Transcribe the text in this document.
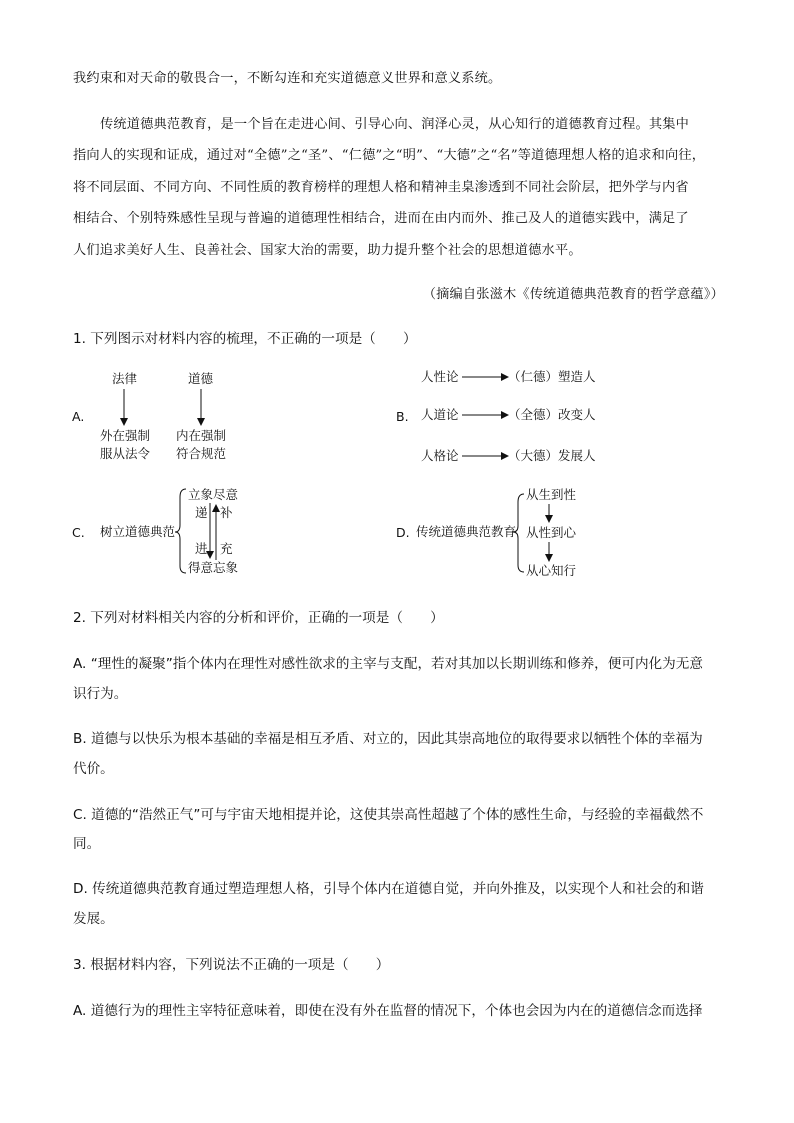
我约束和对天命的敬畏合一，不断勾连和充实道德意义世界和意义系统。
传统道德典范教育，是一个旨在走进心间、引导心向、润泽心灵，从心知行的道德教育过程。其集中
指向人的实现和证成，通过对“全德”之“圣”、“仁德”之“明”、“大德”之“名”等道德理想人格的追求和向往，
将不同层面、不同方向、不同性质的教育榜样的理想人格和精神圭臬渗透到不同社会阶层，把外学与内省
相结合、个别特殊感性呈现与普遍的道德理性相结合，进而在由内而外、推己及人的道德实践中，满足了
人们追求美好人生、良善社会、国家大治的需要，助力提升整个社会的思想道德水平。
（摘编自张滋木《传统道德典范教育的哲学意蕴》）
1. 下列图示对材料内容的梳理，不正确的一项是（　　）
A.
法律	道德
外在强制
服从法令
内在强制
符合规范
B.
人性论	（仁德）塑造人
人道论	（全德）改变人
人格论	（大德）发展人
C. 树立道德典范
立象尽意
得意忘象
递
进
补
充
D. 传统道德典范教育
从生到性
从性到心
从心知行
2. 下列对材料相关内容的分析和评价，正确的一项是（　　）
A. “理性的凝聚”指个体内在理性对感性欲求的主宰与支配，若对其加以长期训练和修养，便可内化为无意
识行为。
B. 道德与以快乐为根本基础的幸福是相互矛盾、对立的，因此其崇高地位的取得要求以牺牲个体的幸福为
代价。
C. 道德的“浩然正气”可与宇宙天地相提并论，这使其崇高性超越了个体的感性生命，与经验的幸福截然不
同。
D. 传统道德典范教育通过塑造理想人格，引导个体内在道德自觉，并向外推及，以实现个人和社会的和谐
发展。
3. 根据材料内容，下列说法不正确的一项是（　　）
A. 道德行为的理性主宰特征意味着，即使在没有外在监督的情况下，个体也会因为内在的道德信念而选择
